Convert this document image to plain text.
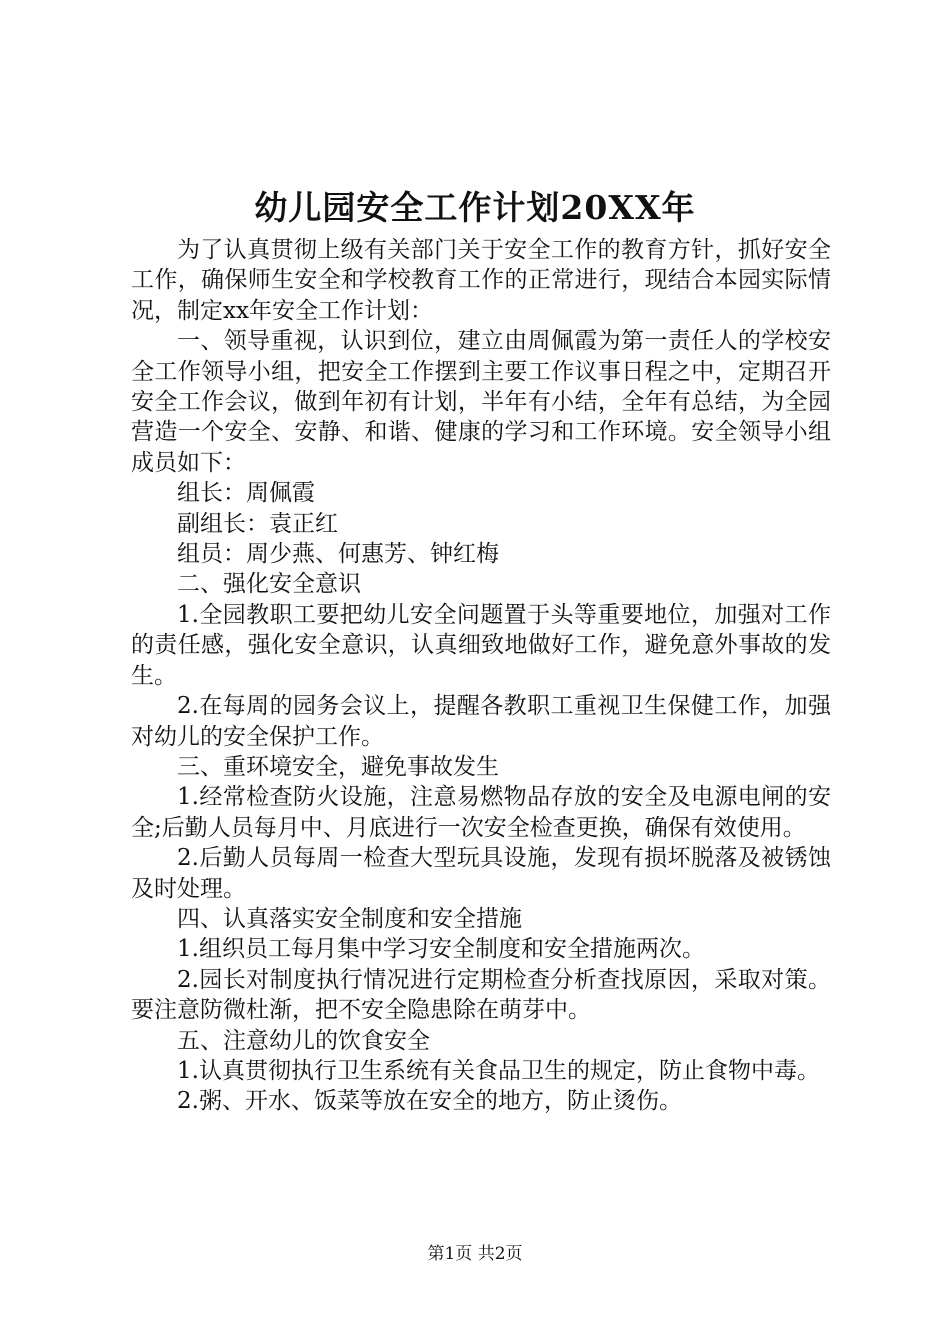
幼儿园安全工作计划20XX年

为了认真贯彻上级有关部门关于安全工作的教育方针，抓好安全工作，确保师生安全和学校教育工作的正常进行，现结合本园实际情况，制定xx年安全工作计划：

一、领导重视，认识到位，建立由周佩霞为第一责任人的学校安全工作领导小组，把安全工作摆到主要工作议事日程之中，定期召开安全工作会议，做到年初有计划，半年有小结，全年有总结，为全园营造一个安全、安静、和谐、健康的学习和工作环境。安全领导小组成员如下：

组长：周佩霞

副组长：袁正红

组员：周少燕、何惠芳、钟红梅

二、强化安全意识

1.全园教职工要把幼儿安全问题置于头等重要地位，加强对工作的责任感，强化安全意识，认真细致地做好工作，避免意外事故的发生。

2.在每周的园务会议上，提醒各教职工重视卫生保健工作，加强对幼儿的安全保护工作。

三、重环境安全，避免事故发生

1.经常检查防火设施，注意易燃物品存放的安全及电源电闸的安全;后勤人员每月中、月底进行一次安全检查更换，确保有效使用。

2.后勤人员每周一检查大型玩具设施，发现有损坏脱落及被锈蚀及时处理。

四、认真落实安全制度和安全措施

1.组织员工每月集中学习安全制度和安全措施两次。

2.园长对制度执行情况进行定期检查分析查找原因，采取对策。要注意防微杜渐，把不安全隐患除在萌芽中。

五、注意幼儿的饮食安全

1.认真贯彻执行卫生系统有关食品卫生的规定，防止食物中毒。

2.粥、开水、饭菜等放在安全的地方，防止烫伤。

第1页 共2页
